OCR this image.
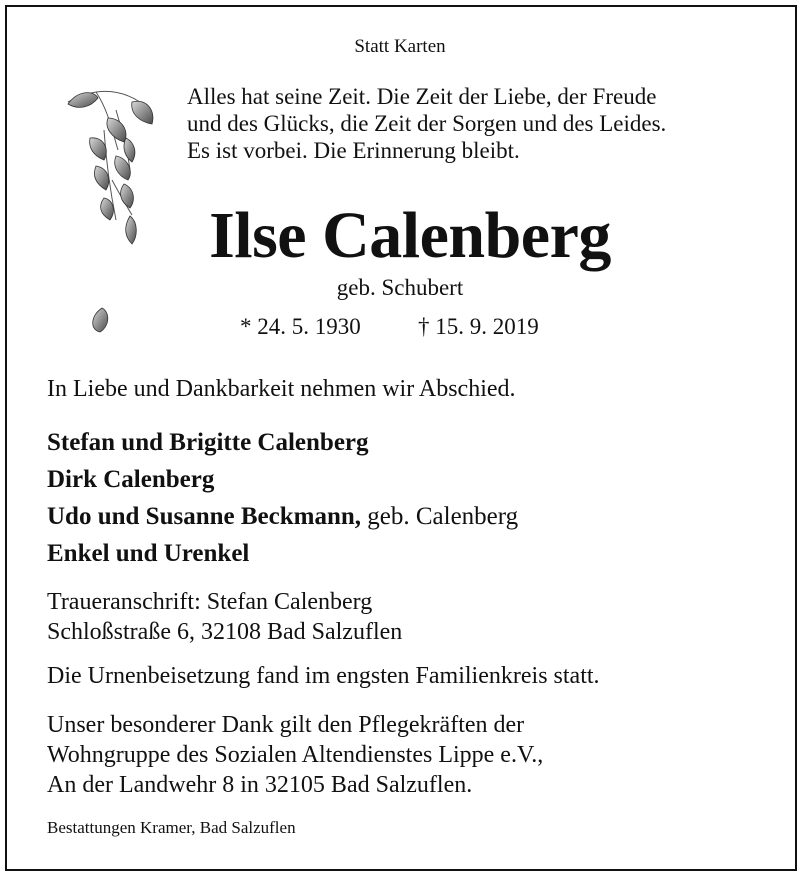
Statt Karten
Alles hat seine Zeit. Die Zeit der Liebe, der Freude
und des Glücks, die Zeit der Sorgen und des Leides.
Es ist vorbei. Die Erinnerung bleibt.
Ilse Calenberg
geb. Schubert
* 24. 5. 1930 † 15. 9. 2019
In Liebe und Dankbarkeit nehmen wir Abschied.
Stefan und Brigitte Calenberg
Dirk Calenberg
Udo und Susanne Beckmann, geb. Calenberg
Enkel und Urenkel
Traueranschrift: Stefan Calenberg
Schloßstraße 6, 32108 Bad Salzuflen
Die Urnenbeisetzung fand im engsten Familienkreis statt.
Unser besonderer Dank gilt den Pflegekräften der
Wohngruppe des Sozialen Altendienstes Lippe e.V.,
An der Landwehr 8 in 32105 Bad Salzuflen.
Bestattungen Kramer, Bad Salzuflen
